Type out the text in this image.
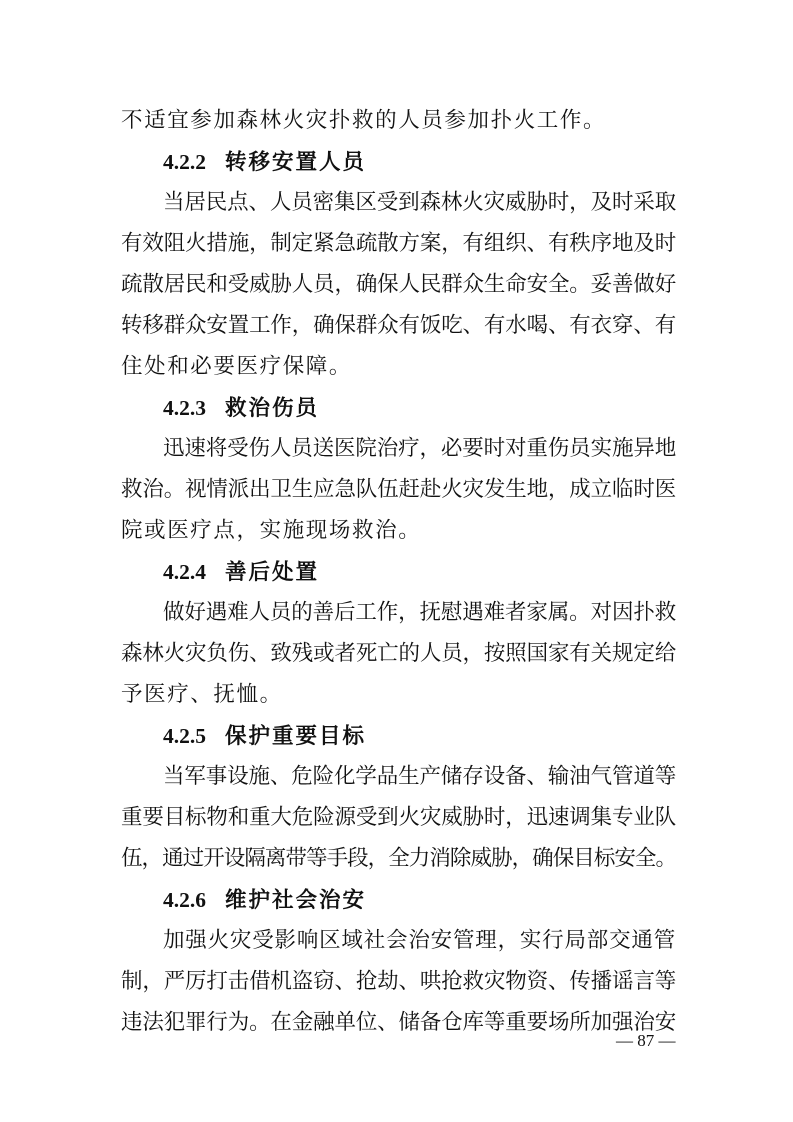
不适宜参加森林火灾扑救的人员参加扑火工作。
4.2.2 转移安置人员
当居民点、人员密集区受到森林火灾威胁时，及时采取
有效阻火措施，制定紧急疏散方案，有组织、有秩序地及时
疏散居民和受威胁人员，确保人民群众生命安全。妥善做好
转移群众安置工作，确保群众有饭吃、有水喝、有衣穿、有
住处和必要医疗保障。
4.2.3 救治伤员
迅速将受伤人员送医院治疗，必要时对重伤员实施异地
救治。视情派出卫生应急队伍赶赴火灾发生地，成立临时医
院或医疗点，实施现场救治。
4.2.4 善后处置
做好遇难人员的善后工作，抚慰遇难者家属。对因扑救
森林火灾负伤、致残或者死亡的人员，按照国家有关规定给
予医疗、抚恤。
4.2.5 保护重要目标
当军事设施、危险化学品生产储存设备、输油气管道等
重要目标物和重大危险源受到火灾威胁时，迅速调集专业队
伍，通过开设隔离带等手段，全力消除威胁，确保目标安全。
4.2.6 维护社会治安
加强火灾受影响区域社会治安管理，实行局部交通管
制，严厉打击借机盗窃、抢劫、哄抢救灾物资、传播谣言等
违法犯罪行为。在金融单位、储备仓库等重要场所加强治安
— 87 —
